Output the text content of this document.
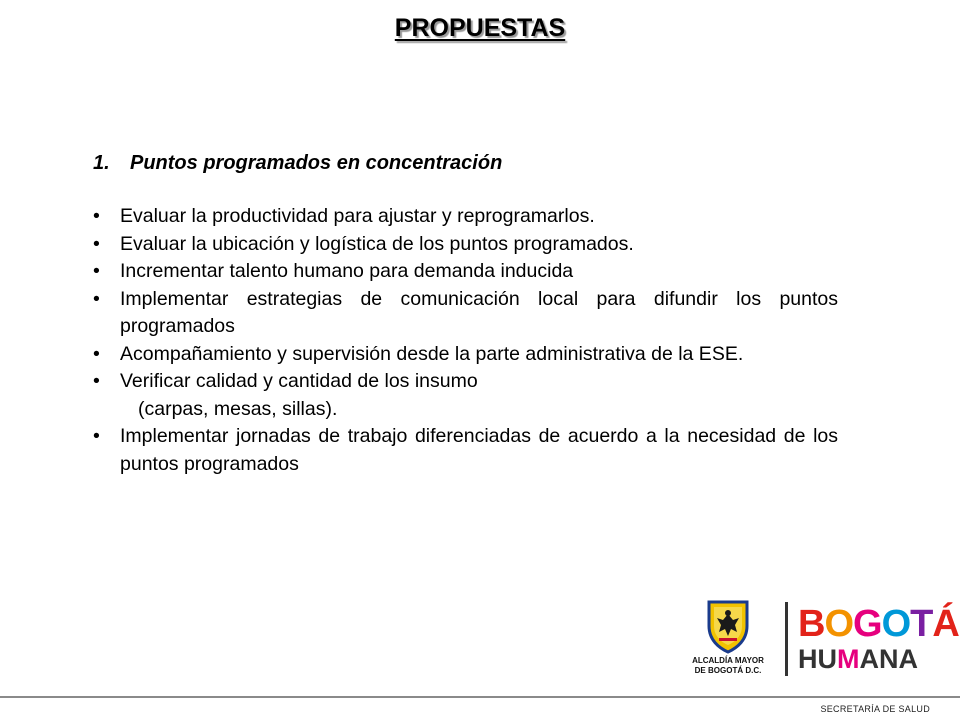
PROPUESTAS
1.	Puntos programados en concentración
• Evaluar la productividad para ajustar y reprogramarlos.
• Evaluar la ubicación y logística de los puntos programados.
• Incrementar talento humano para demanda inducida
• Implementar estrategias de comunicación local para difundir los puntos programados
• Acompañamiento y supervisión desde la parte administrativa de la ESE.
• Verificar calidad y cantidad de los insumo
(carpas, mesas, sillas).
• Implementar jornadas de trabajo diferenciadas de acuerdo a la necesidad de los puntos programados
ALCALDÍA MAYOR
DE BOGOTÁ D.C.
BOGOTÁ
HUMANA
SECRETARÍA DE SALUD
